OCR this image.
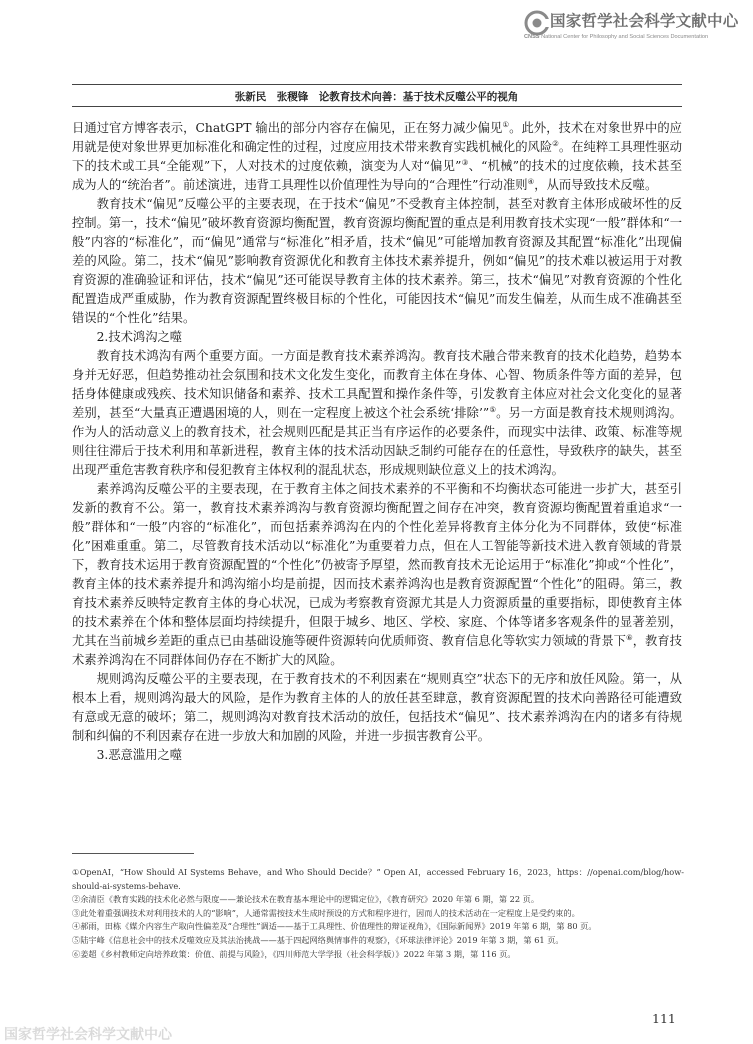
国家哲学社会科学文献中心
CNSS National Center for Philosophy and Social Sciences Documentation
张新民　张稷锋　论教育技术向善：基于技术反噬公平的视角

日通过官方博客表示，ChatGPT 输出的部分内容存在偏见，正在努力减少偏见①。此外，技术在对象世界中的应用就是使对象世界更加标准化和确定性的过程，过度应用技术带来教育实践机械化的风险②。在纯粹工具理性驱动下的技术或工具“全能观”下，人对技术的过度依赖，演变为人对“偏见”③、“机械”的技术的过度依赖，技术甚至成为人的“统治者”。前述演进，违背工具理性以价值理性为导向的“合理性”行动准则④，从而导致技术反噬。

教育技术“偏见”反噬公平的主要表现，在于技术“偏见”不受教育主体控制，甚至对教育主体形成破坏性的反控制。第一，技术“偏见”破坏教育资源均衡配置，教育资源均衡配置的重点是利用教育技术实现“一般”群体和“一般”内容的“标准化”，而“偏见”通常与“标准化”相矛盾，技术“偏见”可能增加教育资源及其配置“标准化”出现偏差的风险。第二，技术“偏见”影响教育资源优化和教育主体技术素养提升，例如“偏见”的技术难以被运用于对教育资源的准确验证和评估，技术“偏见”还可能误导教育主体的技术素养。第三，技术“偏见”对教育资源的个性化配置造成严重威胁，作为教育资源配置终极目标的个性化，可能因技术“偏见”而发生偏差，从而生成不准确甚至错误的“个性化”结果。

2.技术鸿沟之噬

教育技术鸿沟有两个重要方面。一方面是教育技术素养鸿沟。教育技术融合带来教育的技术化趋势，趋势本身并无好恶，但趋势推动社会氛围和技术文化发生变化，而教育主体在身体、心智、物质条件等方面的差异，包括身体健康或残疾、技术知识储备和素养、技术工具配置和操作条件等，引发教育主体应对社会文化变化的显著差别，甚至“大量真正遭遇困境的人，则在一定程度上被这个社会系统‘排除’”⑤。另一方面是教育技术规则鸿沟。作为人的活动意义上的教育技术，社会规则匹配是其正当有序运作的必要条件，而现实中法律、政策、标准等规则往往滞后于技术利用和革新进程，教育主体的技术活动因缺乏制约可能存在的任意性，导致秩序的缺失，甚至出现严重危害教育秩序和侵犯教育主体权利的混乱状态，形成规则缺位意义上的技术鸿沟。

素养鸿沟反噬公平的主要表现，在于教育主体之间技术素养的不平衡和不均衡状态可能进一步扩大，甚至引发新的教育不公。第一，教育技术素养鸿沟与教育资源均衡配置之间存在冲突，教育资源均衡配置着重追求“一般”群体和“一般”内容的“标准化”，而包括素养鸿沟在内的个性化差异将教育主体分化为不同群体，致使“标准化”困难重重。第二，尽管教育技术活动以“标准化”为重要着力点，但在人工智能等新技术进入教育领域的背景下，教育技术运用于教育资源配置的“个性化”仍被寄予厚望，然而教育技术无论运用于“标准化”抑或“个性化”，教育主体的技术素养提升和鸿沟缩小均是前提，因而技术素养鸿沟也是教育资源配置“个性化”的阻碍。第三，教育技术素养反映特定教育主体的身心状况，已成为考察教育资源尤其是人力资源质量的重要指标，即使教育主体的技术素养在个体和整体层面均持续提升，但限于城乡、地区、学校、家庭、个体等诸多客观条件的显著差别，尤其在当前城乡差距的重点已由基础设施等硬件资源转向优质师资、教育信息化等软实力领域的背景下⑥，教育技术素养鸿沟在不同群体间仍存在不断扩大的风险。

规则鸿沟反噬公平的主要表现，在于教育技术的不利因素在“规则真空”状态下的无序和放任风险。第一，从根本上看，规则鸿沟最大的风险，是作为教育主体的人的放任甚至肆意，教育资源配置的技术向善路径可能遭致有意或无意的破坏；第二，规则鸿沟对教育技术活动的放任，包括技术“偏见”、技术素养鸿沟在内的诸多有待规制和纠偏的不利因素存在进一步放大和加剧的风险，并进一步损害教育公平。

3.恶意滥用之噬

①OpenAI，“How Should AI Systems Behave，and Who Should Decide？” Open AI，accessed February 16，2023，https：//openai.com/blog/how-should-ai-systems-behave.

②余清臣《教育实践的技术化必然与限度——兼论技术在教育基本理论中的逻辑定位》，《教育研究》2020 年第 6 期，第 22 页。

③此处着重强调技术对利用技术的人的“影响”，人通常需按技术生成时预设的方式和程序进行，因而人的技术活动在一定程度上是受约束的。

④郝雨，田栋《媒介内容生产取向性偏差及“合理性”调适——基于工具理性、价值理性的辩证视角》，《国际新闻界》2019 年第 6 期，第 80 页。

⑤陆宇峰《信息社会中的技术反噬效应及其法治挑战——基于四起网络舆情事件的观察》，《环球法律评论》2019 年第 3 期，第 61 页。

⑥姜超《乡村教师定向培养政策：价值、前提与风险》，《四川师范大学学报（社会科学版）》2022 年第 3 期，第 116 页。

111
国家哲学社会科学文献中心
